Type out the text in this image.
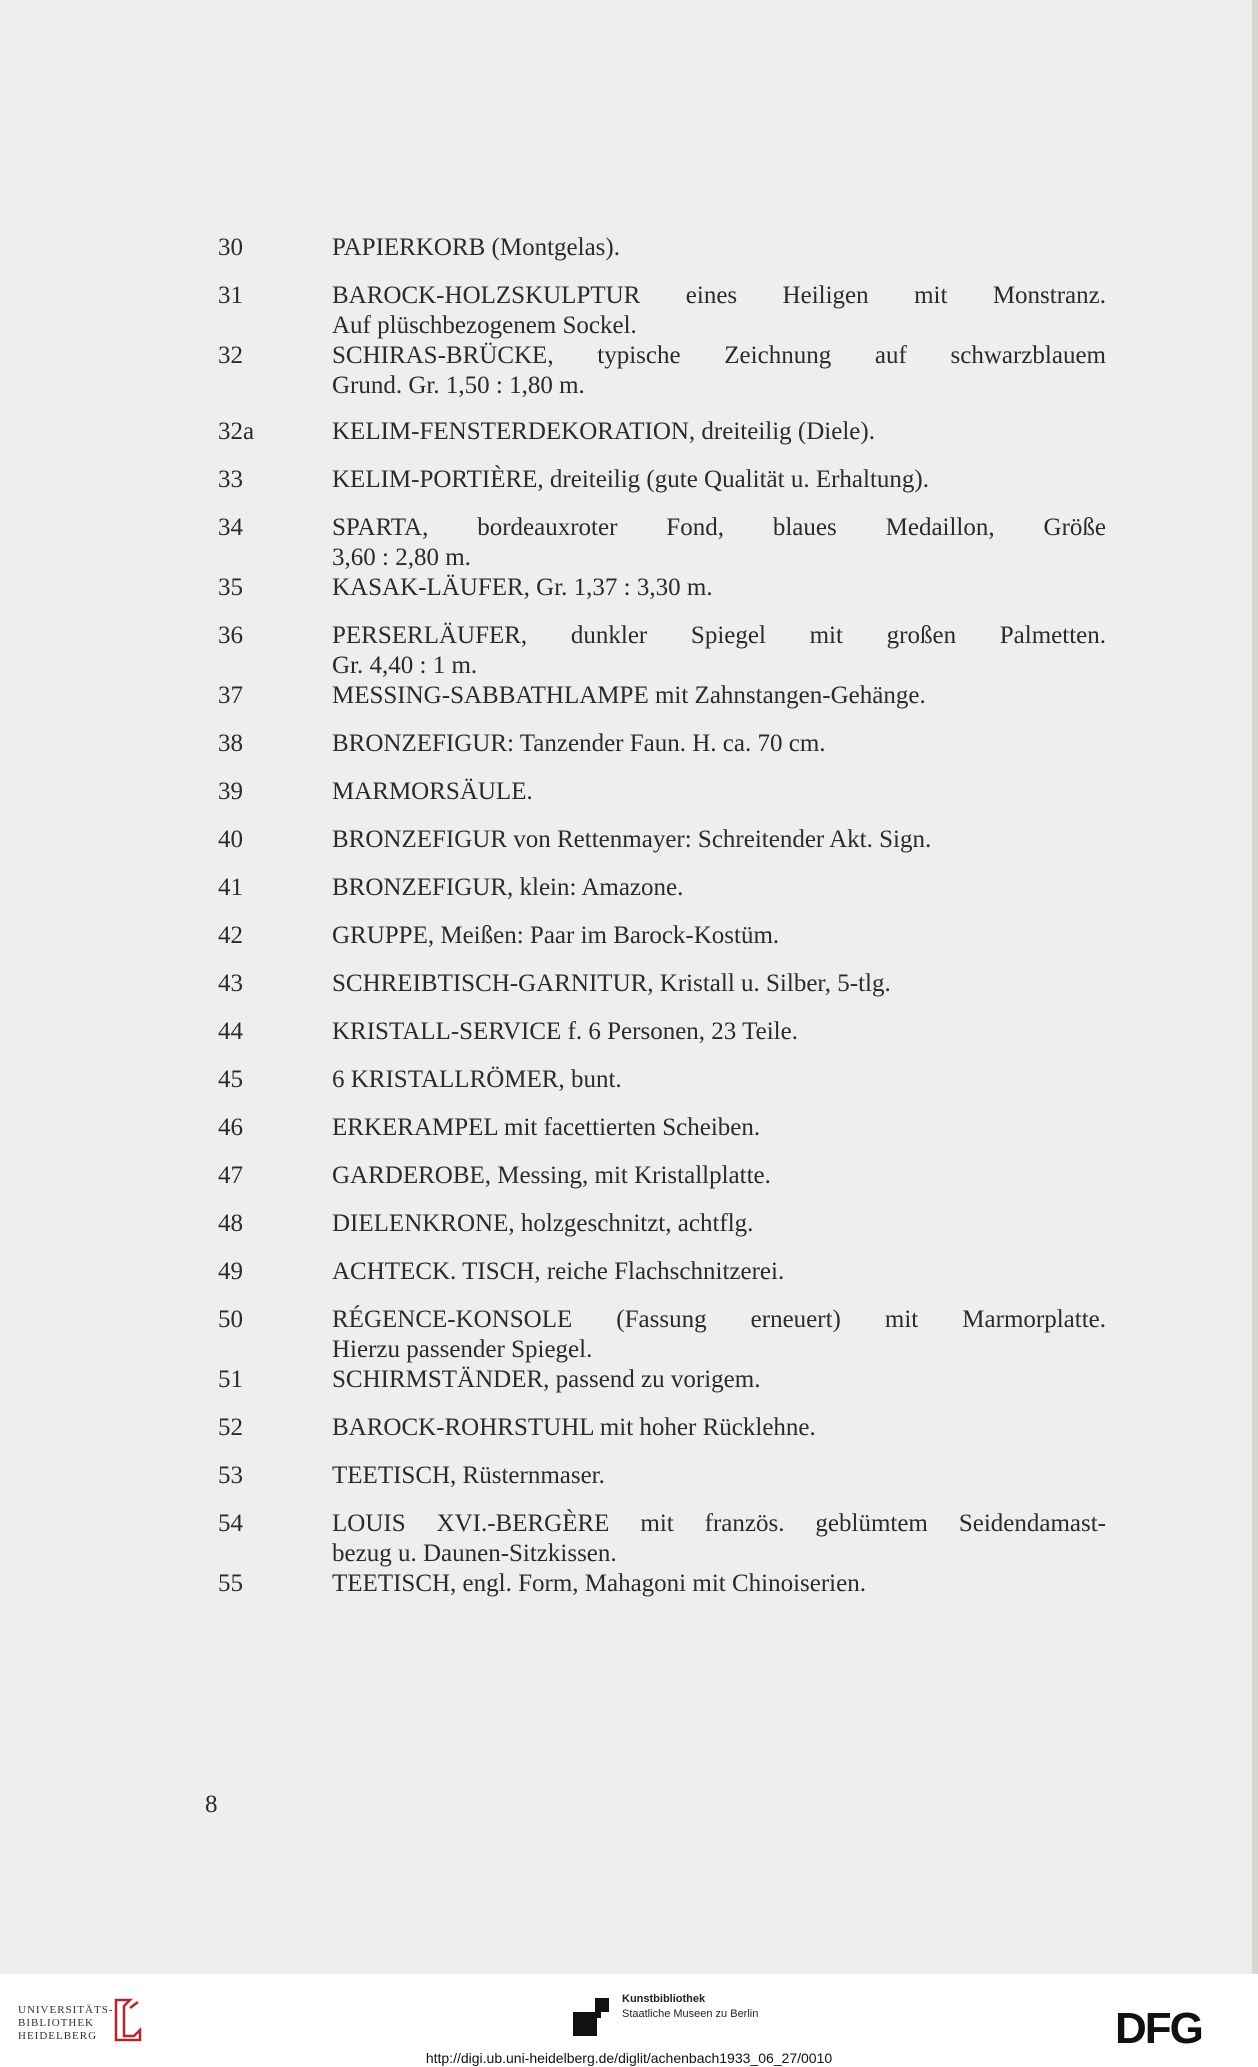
30	PAPIERKORB (Montgelas).
31	BAROCK-HOLZSKULPTUR eines Heiligen mit Monstranz.
Auf plüschbezogenem Sockel.
32	SCHIRAS-BRÜCKE, typische Zeichnung auf schwarzblauem
Grund. Gr. 1,50 : 1,80 m.
32a	KELIM-FENSTERDEKORATION, dreiteilig (Diele).
33	KELIM-PORTIÈRE, dreiteilig (gute Qualität u. Erhaltung).
34	SPARTA, bordeauxroter Fond, blaues Medaillon, Größe
3,60 : 2,80 m.
35	KASAK-LÄUFER, Gr. 1,37 : 3,30 m.
36	PERSERLÄUFER, dunkler Spiegel mit großen Palmetten.
Gr. 4,40 : 1 m.
37	MESSING-SABBATHLAMPE mit Zahnstangen-Gehänge.
38	BRONZEFIGUR: Tanzender Faun. H. ca. 70 cm.
39	MARMORSÄULE.
40	BRONZEFIGUR von Rettenmayer: Schreitender Akt. Sign.
41	BRONZEFIGUR, klein: Amazone.
42	GRUPPE, Meißen: Paar im Barock-Kostüm.
43	SCHREIBTISCH-GARNITUR, Kristall u. Silber, 5-tlg.
44	KRISTALL-SERVICE f. 6 Personen, 23 Teile.
45	6 KRISTALLRÖMER, bunt.
46	ERKERAMPEL mit facettierten Scheiben.
47	GARDEROBE, Messing, mit Kristallplatte.
48	DIELENKRONE, holzgeschnitzt, achtflg.
49	ACHTECK. TISCH, reiche Flachschnitzerei.
50	RÉGENCE-KONSOLE (Fassung erneuert) mit Marmorplatte.
Hierzu passender Spiegel.
51	SCHIRMSTÄNDER, passend zu vorigem.
52	BAROCK-ROHRSTUHL mit hoher Rücklehne.
53	TEETISCH, Rüsternmaser.
54	LOUIS XVI.-BERGÈRE mit französ. geblümtem Seidendamast-
bezug u. Daunen-Sitzkissen.
55	TEETISCH, engl. Form, Mahagoni mit Chinoiserien.
8
UNIVERSITÄTS-
BIBLIOTHEK
HEIDELBERG
Kunstbibliothek
Staatliche Museen zu Berlin	DFG
http://digi.ub.uni-heidelberg.de/diglit/achenbach1933_06_27/0010
